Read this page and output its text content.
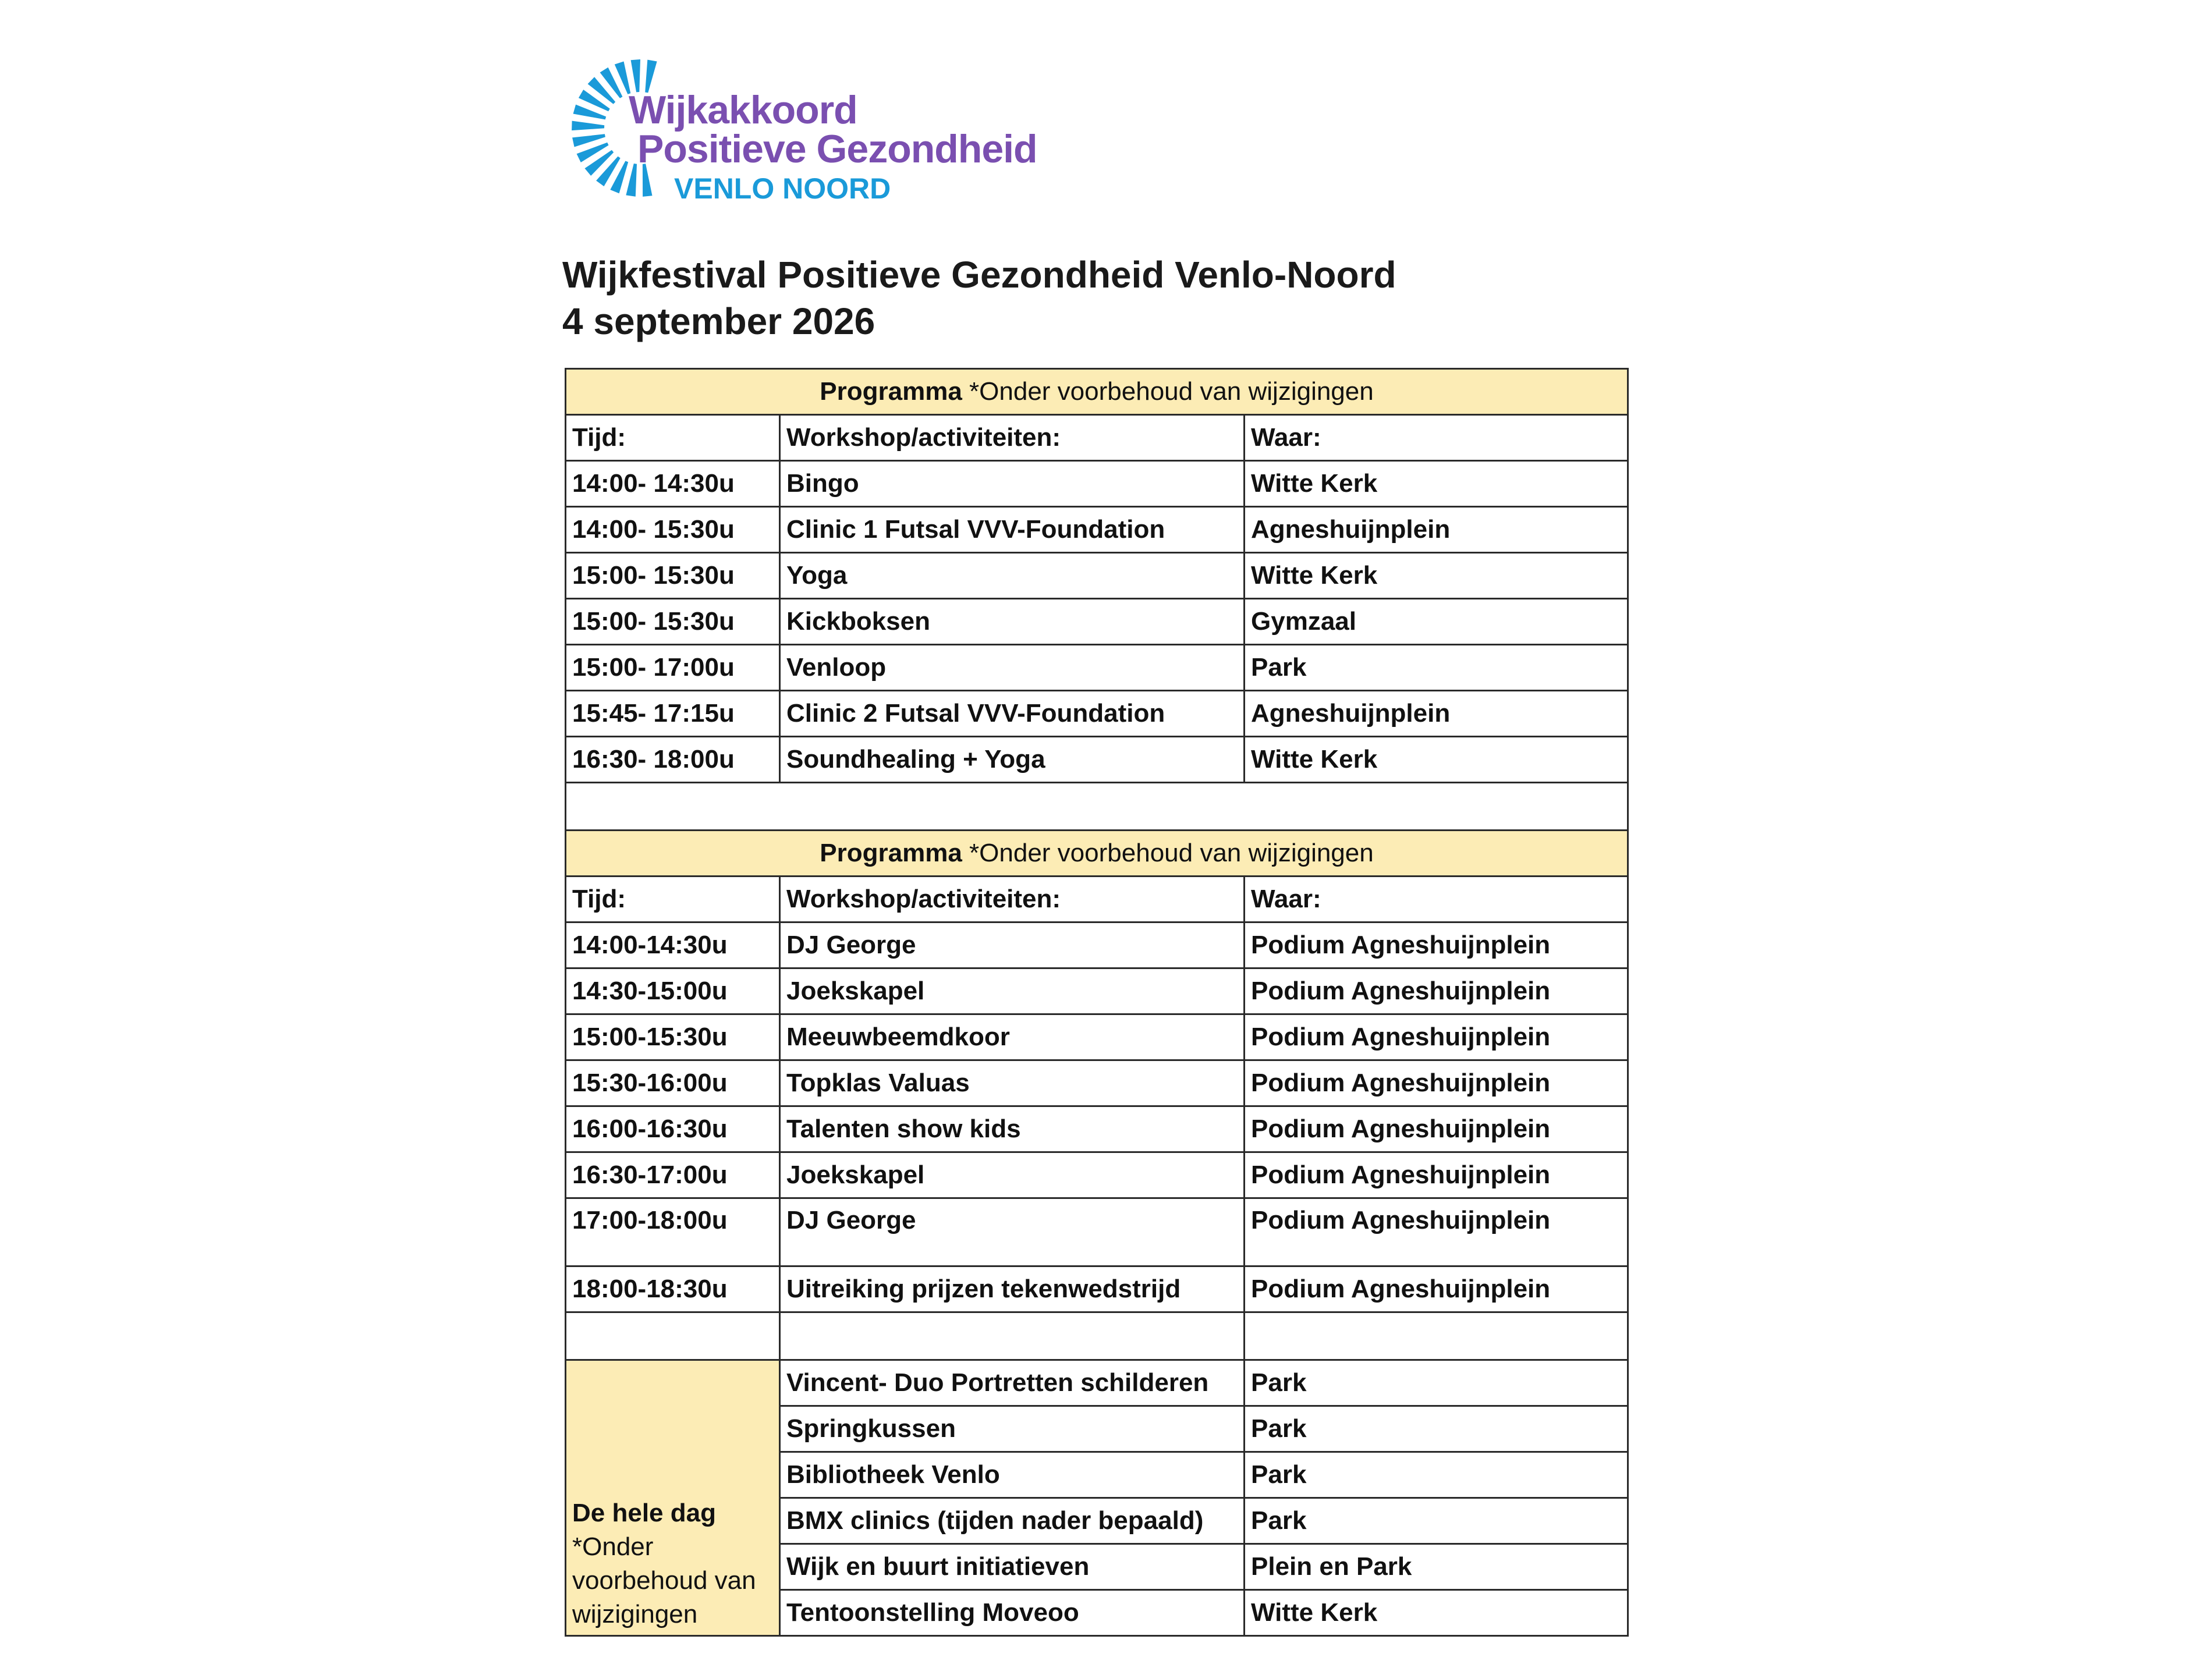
Wijkakkoord
Positieve Gezondheid
VENLO NOORD
Wijkfestival Positieve Gezondheid Venlo-Noord
4 september 2026
Programma *Onder voorbehoud van wijzigingen		
Tijd:	Workshop/activiteiten:	Waar:
14:00- 14:30u	Bingo	Witte Kerk
14:00- 15:30u	Clinic 1 Futsal VVV-Foundation	Agneshuijnplein
15:00- 15:30u	Yoga	Witte Kerk
15:00- 15:30u	Kickboksen	Gymzaal
15:00- 17:00u	Venloop	Park
15:45- 17:15u	Clinic 2 Futsal VVV-Foundation	Agneshuijnplein
16:30- 18:00u	Soundhealing + Yoga	Witte Kerk

Programma *Onder voorbehoud van wijzigingen		
Tijd:	Workshop/activiteiten:	Waar:
14:00-14:30u	DJ George	Podium Agneshuijnplein
14:30-15:00u	Joekskapel	Podium Agneshuijnplein
15:00-15:30u	Meeuwbeemdkoor	Podium Agneshuijnplein
15:30-16:00u	Topklas Valuas	Podium Agneshuijnplein
16:00-16:30u	Talenten show kids	Podium Agneshuijnplein
16:30-17:00u	Joekskapel	Podium Agneshuijnplein
17:00-18:00u	DJ George	Podium Agneshuijnplein
18:00-18:30u	Uitreiking prijzen tekenwedstrijd	Podium Agneshuijnplein

De hele dag
*Onder voorbehoud van wijzigingen	Vincent- Duo Portretten schilderen	Park
	Springkussen	Park
	Bibliotheek Venlo	Park
	BMX clinics (tijden nader bepaald)	Park
	Wijk en buurt initiatieven	Plein en Park
	Tentoonstelling Moveoo	Witte Kerk
